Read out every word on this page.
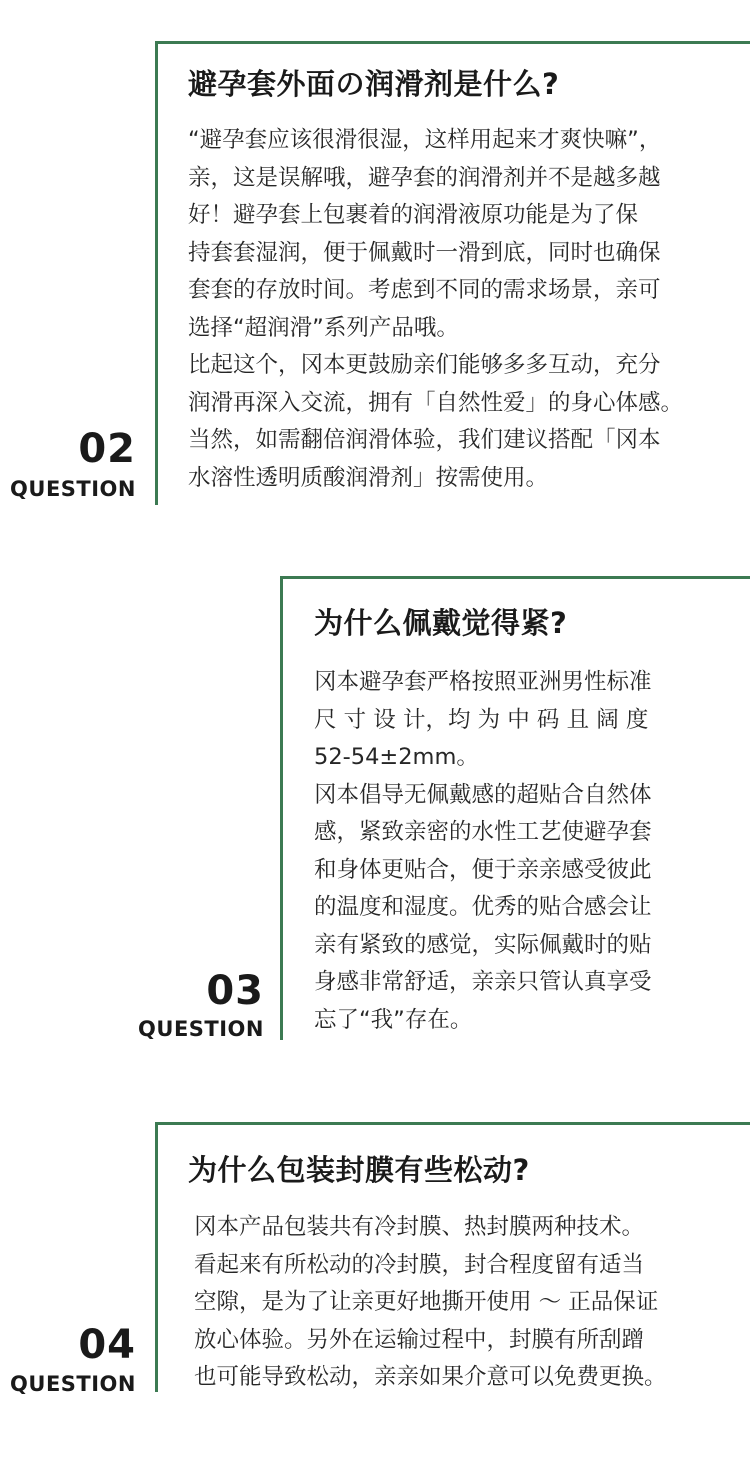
避孕套外面の润滑剂是什么?

“避孕套应该很滑很湿，这样用起来才爽快嘛”，

亲，这是误解哦，避孕套的润滑剂并不是越多越

好！避孕套上包裹着的润滑液原功能是为了保

持套套湿润，便于佩戴时一滑到底，同时也确保

套套的存放时间。考虑到不同的需求场景，亲可

选择“超润滑”系列产品哦。

比起这个，冈本更鼓励亲们能够多多互动，充分

润滑再深入交流，拥有「自然性爱」的身心体感。

当然，如需翻倍润滑体验，我们建议搭配「冈本

水溶性透明质酸润滑剂」按需使用。

02
QUESTION
为什么佩戴觉得紧?

冈本避孕套严格按照亚洲男性标准

尺 寸 设 计，均 为 中 码 且 阔 度

52-54±2mm。

冈本倡导无佩戴感的超贴合自然体

感，紧致亲密的水性工艺使避孕套

和身体更贴合，便于亲亲感受彼此

的温度和湿度。优秀的贴合感会让

亲有紧致的感觉，实际佩戴时的贴

身感非常舒适，亲亲只管认真享受

忘了“我”存在。

03
QUESTION
为什么包装封膜有些松动?

冈本产品包装共有冷封膜、热封膜两种技术。

看起来有所松动的冷封膜，封合程度留有适当

空隙，是为了让亲更好地撕开使用 ～ 正品保证

放心体验。另外在运输过程中，封膜有所刮蹭

也可能导致松动，亲亲如果介意可以免费更换。

04
QUESTION
